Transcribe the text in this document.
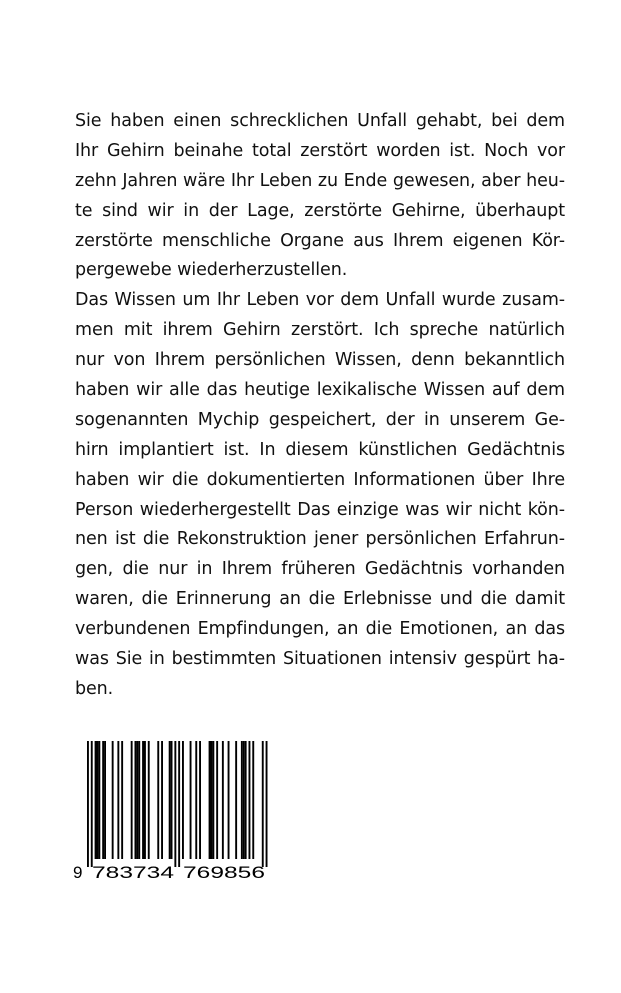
Sie haben einen schrecklichen Unfall gehabt, bei dem
Ihr Gehirn beinahe total zerstört worden ist. Noch vor
zehn Jahren wäre Ihr Leben zu Ende gewesen, aber heu-
te sind wir in der Lage, zerstörte Gehirne, überhaupt
zerstörte menschliche Organe aus Ihrem eigenen Kör-
pergewebe wiederherzustellen.
Das Wissen um Ihr Leben vor dem Unfall wurde zusam-
men mit ihrem Gehirn zerstört. Ich spreche natürlich
nur von Ihrem persönlichen Wissen, denn bekanntlich
haben wir alle das heutige lexikalische Wissen auf dem
sogenannten Mychip gespeichert, der in unserem Ge-
hirn implantiert ist. In diesem künstlichen Gedächtnis
haben wir die dokumentierten Informationen über Ihre
Person wiederhergestellt Das einzige was wir nicht kön-
nen ist die Rekonstruktion jener persönlichen Erfahrun-
gen, die nur in Ihrem früheren Gedächtnis vorhanden
waren, die Erinnerung an die Erlebnisse und die damit
verbundenen Empfindungen, an die Emotionen, an das
was Sie in bestimmten Situationen intensiv gespürt ha-
ben.
9 783734 769856
